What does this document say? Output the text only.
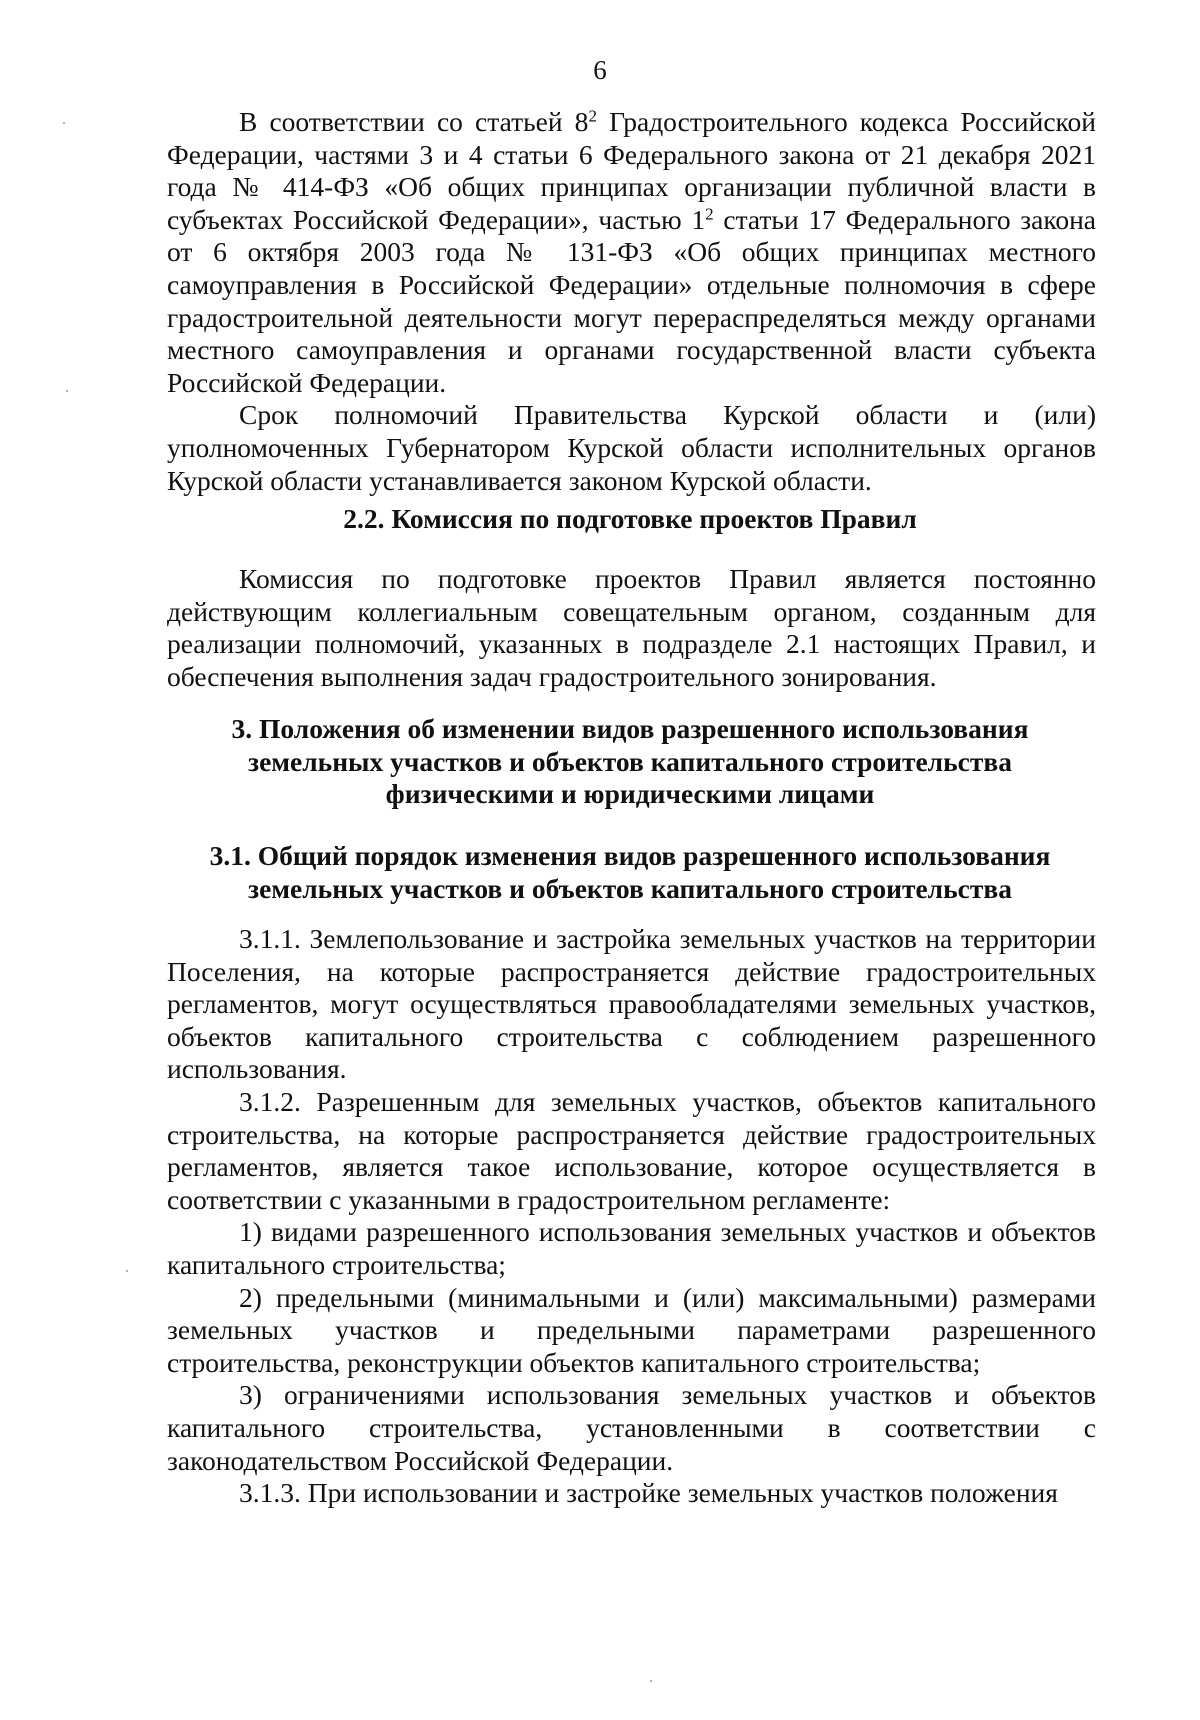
6

В соответствии со статьей $8^2$ Градостроительного кодекса Российской Федерации, частями 3 и 4 статьи 6 Федерального закона от 21 декабря 2021 года № 414-ФЗ «Об общих принципах организации публичной власти в субъектах Российской Федерации», частью $1^2$ статьи 17 Федерального закона от 6 октября 2003 года № 131-ФЗ «Об общих принципах местного самоуправления в Российской Федерации» отдельные полномочия в сфере градостроительной деятельности могут перераспределяться между органами местного самоуправления и органами государственной власти субъекта Российской Федерации.

Срок полномочий Правительства Курской области и (или) уполномоченных Губернатором Курской области исполнительных органов Курской области устанавливается законом Курской области.

2.2. Комиссия по подготовке проектов Правил

Комиссия по подготовке проектов Правил является постоянно действующим коллегиальным совещательным органом, созданным для реализации полномочий, указанных в подразделе 2.1 настоящих Правил, и обеспечения выполнения задач градостроительного зонирования.

3. Положения об изменении видов разрешенного использования
земельных участков и объектов капитального строительства
физическими и юридическими лицами
3.1. Общий порядок изменения видов разрешенного использования
земельных участков и объектов капитального строительства

3.1.1. Землепользование и застройка земельных участков на территории Поселения, на которые распространяется действие градостроительных регламентов, могут осуществляться правообладателями земельных участков, объектов капитального строительства с соблюдением разрешенного использования.

3.1.2. Разрешенным для земельных участков, объектов капитального строительства, на которые распространяется действие градостроительных регламентов, является такое использование, которое осуществляется в соответствии с указанными в градостроительном регламенте:

1) видами разрешенного использования земельных участков и объектов капитального строительства;

2) предельными (минимальными и (или) максимальными) размерами земельных участков и предельными параметрами разрешенного строительства, реконструкции объектов капитального строительства;

3) ограничениями использования земельных участков и объектов капитального строительства, установленными в соответствии с законодательством Российской Федерации.

3.1.3. При использовании и застройке земельных участков положения
